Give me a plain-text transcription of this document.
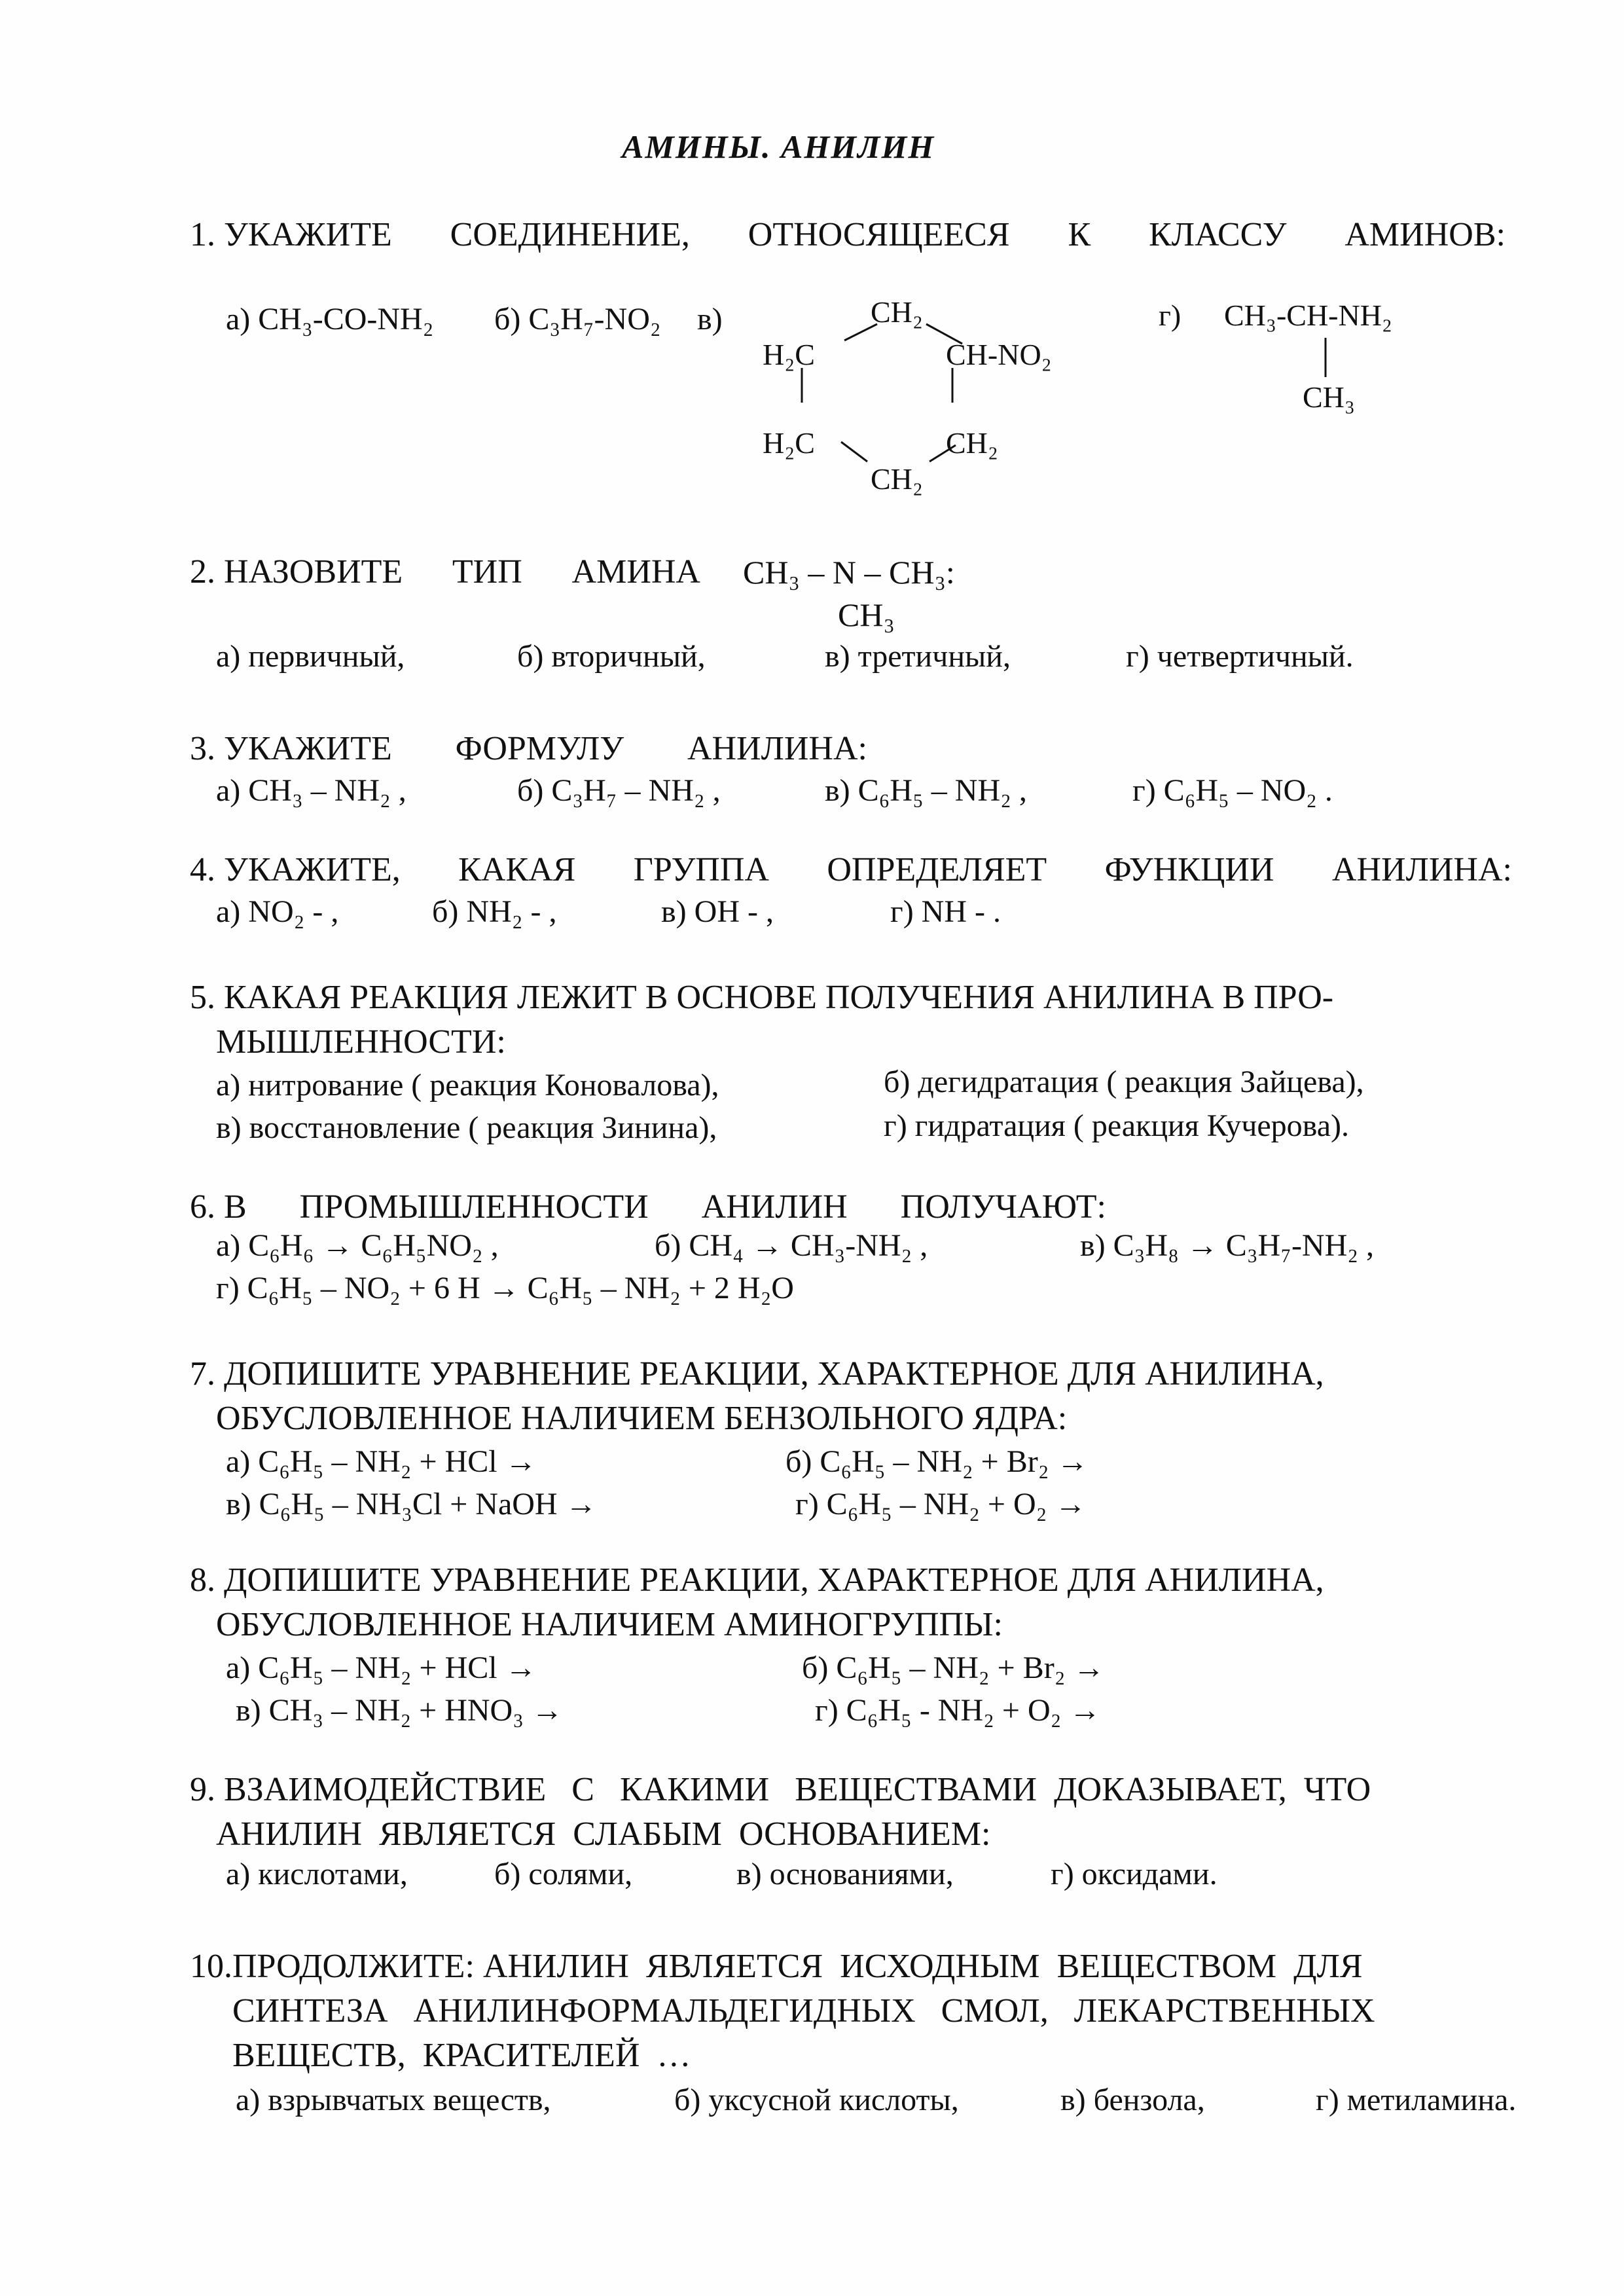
АМИНЫ. АНИЛИН
1. УКАЖИТЕ СОЕДИНЕНИЕ, ОТНОСЯЩЕЕСЯ К КЛАССУ АМИНОВ:
а) CH₃-CO-NH₂ б) C₃H₇-NO₂ в)	CH₂
H₂C	CH-NO₂
H₂C	CH₂
CH₂
г) CH₃-CH-NH₂
CH₃
2. НАЗОВИТЕ ТИП АМИНА CH₃ – N – CH₃:
CH₃
а) первичный,	б) вторичный,	в) третичный,	г) четвертичный.
3. УКАЖИТЕ ФОРМУЛУ АНИЛИНА:
а) CH₃ – NH₂ ,	б) C₃H₇ – NH₂ ,	в) C₆H₅ – NH₂ ,	г) C₆H₅ – NO₂ .
4. УКАЖИТЕ, КАКАЯ ГРУППА ОПРЕДЕЛЯЕТ ФУНКЦИИ АНИЛИНА:
а) NO₂ - ,	б) NH₂ - ,	в) OH - ,	г) NH - .
5. КАКАЯ РЕАКЦИЯ ЛЕЖИТ В ОСНОВЕ ПОЛУЧЕНИЯ АНИЛИНА В ПРО-
МЫШЛЕННОСТИ:
а) нитрование ( реакция Коновалова),	б) дегидратация ( реакция Зайцева),
в) восстановление ( реакция Зинина),	г) гидратация ( реакция Кучерова).
6. В ПРОМЫШЛЕННОСТИ АНИЛИН ПОЛУЧАЮТ:
а) C₆H₆ → C₆H₅NO₂ ,	б) CH₄ → CH₃-NH₂ ,	в) C₃H₈ → C₃H₇-NH₂ ,
г) C₆H₅ – NO₂ + 6 H → C₆H₅ – NH₂ + 2 H₂O
7. ДОПИШИТЕ УРАВНЕНИЕ РЕАКЦИИ, ХАРАКТЕРНОЕ ДЛЯ АНИЛИНА,
ОБУСЛОВЛЕННОЕ НАЛИЧИЕМ БЕНЗОЛЬНОГО ЯДРА:
а) C₆H₅ – NH₂ + HCl →	б) C₆H₅ – NH₂ + Br₂ →
в) C₆H₅ – NH₃Cl + NaOH →	г) C₆H₅ – NH₂ + O₂ →
8. ДОПИШИТЕ УРАВНЕНИЕ РЕАКЦИИ, ХАРАКТЕРНОЕ ДЛЯ АНИЛИНА,
ОБУСЛОВЛЕННОЕ НАЛИЧИЕМ АМИНОГРУППЫ:
а) C₆H₅ – NH₂ + HCl →	б) C₆H₅ – NH₂ + Br₂ →
в) CH₃ – NH₂ + HNO₃ →	г) C₆H₅ - NH₂ + O₂ →
9. ВЗАИМОДЕЙСТВИЕ   С   КАКИМИ   ВЕЩЕСТВАМИ  ДОКАЗЫВАЕТ,  ЧТО
АНИЛИН  ЯВЛЯЕТСЯ  СЛАБЫМ  ОСНОВАНИЕМ:
а) кислотами,	б) солями,	в) основаниями,	г) оксидами.
10.ПРОДОЛЖИТЕ: АНИЛИН  ЯВЛЯЕТСЯ  ИСХОДНЫМ  ВЕЩЕСТВОМ  ДЛЯ
СИНТЕЗА   АНИЛИНФОРМАЛЬДЕГИДНЫХ   СМОЛ,   ЛЕКАРСТВЕННЫХ
ВЕЩЕСТВ,  КРАСИТЕЛЕЙ  …
а) взрывчатых веществ,	б) уксусной кислоты,	в) бензола,	г) метиламина.
